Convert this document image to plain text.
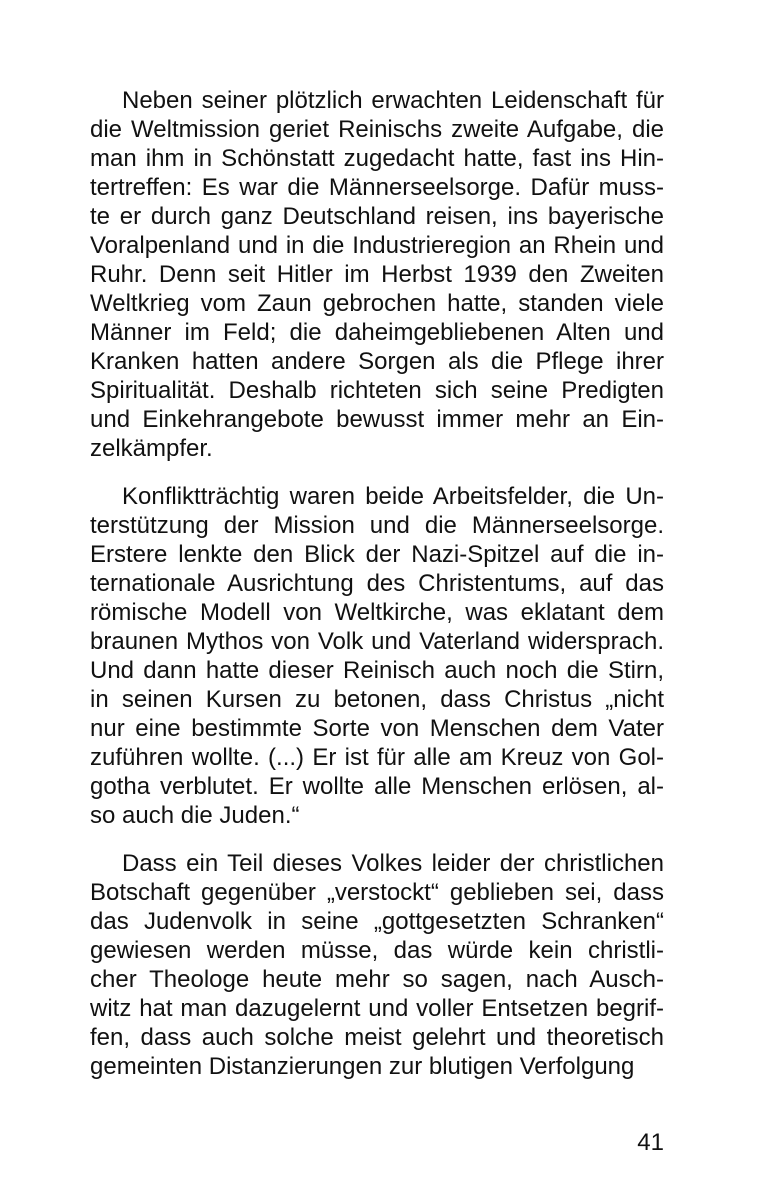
Neben seiner plötzlich erwachten Leidenschaft für
die Weltmission geriet Reinischs zweite Aufgabe, die
man ihm in Schönstatt zugedacht hatte, fast ins Hin-
tertreffen: Es war die Männerseelsorge. Dafür muss-
te er durch ganz Deutschland reisen, ins bayerische
Voralpenland und in die Industrieregion an Rhein und
Ruhr. Denn seit Hitler im Herbst 1939 den Zweiten
Weltkrieg vom Zaun gebrochen hatte, standen viele
Männer im Feld; die daheimgebliebenen Alten und
Kranken hatten andere Sorgen als die Pflege ihrer
Spiritualität. Deshalb richteten sich seine Predigten
und Einkehrangebote bewusst immer mehr an Ein-
zelkämpfer.
Konfliktträchtig waren beide Arbeitsfelder, die Un-
terstützung der Mission und die Männerseelsorge.
Erstere lenkte den Blick der Nazi-Spitzel auf die in-
ternationale Ausrichtung des Christentums, auf das
römische Modell von Weltkirche, was eklatant dem
braunen Mythos von Volk und Vaterland widersprach.
Und dann hatte dieser Reinisch auch noch die Stirn,
in seinen Kursen zu betonen, dass Christus „nicht
nur eine bestimmte Sorte von Menschen dem Vater
zuführen wollte. (...) Er ist für alle am Kreuz von Gol-
gotha verblutet. Er wollte alle Menschen erlösen, al-
so auch die Juden.“
Dass ein Teil dieses Volkes leider der christlichen
Botschaft gegenüber „verstockt“ geblieben sei, dass
das Judenvolk in seine „gottgesetzten Schranken“
gewiesen werden müsse, das würde kein christli-
cher Theologe heute mehr so sagen, nach Ausch-
witz hat man dazugelernt und voller Entsetzen begrif-
fen, dass auch solche meist gelehrt und theoretisch
gemeinten Distanzierungen zur blutigen Verfolgung
41
